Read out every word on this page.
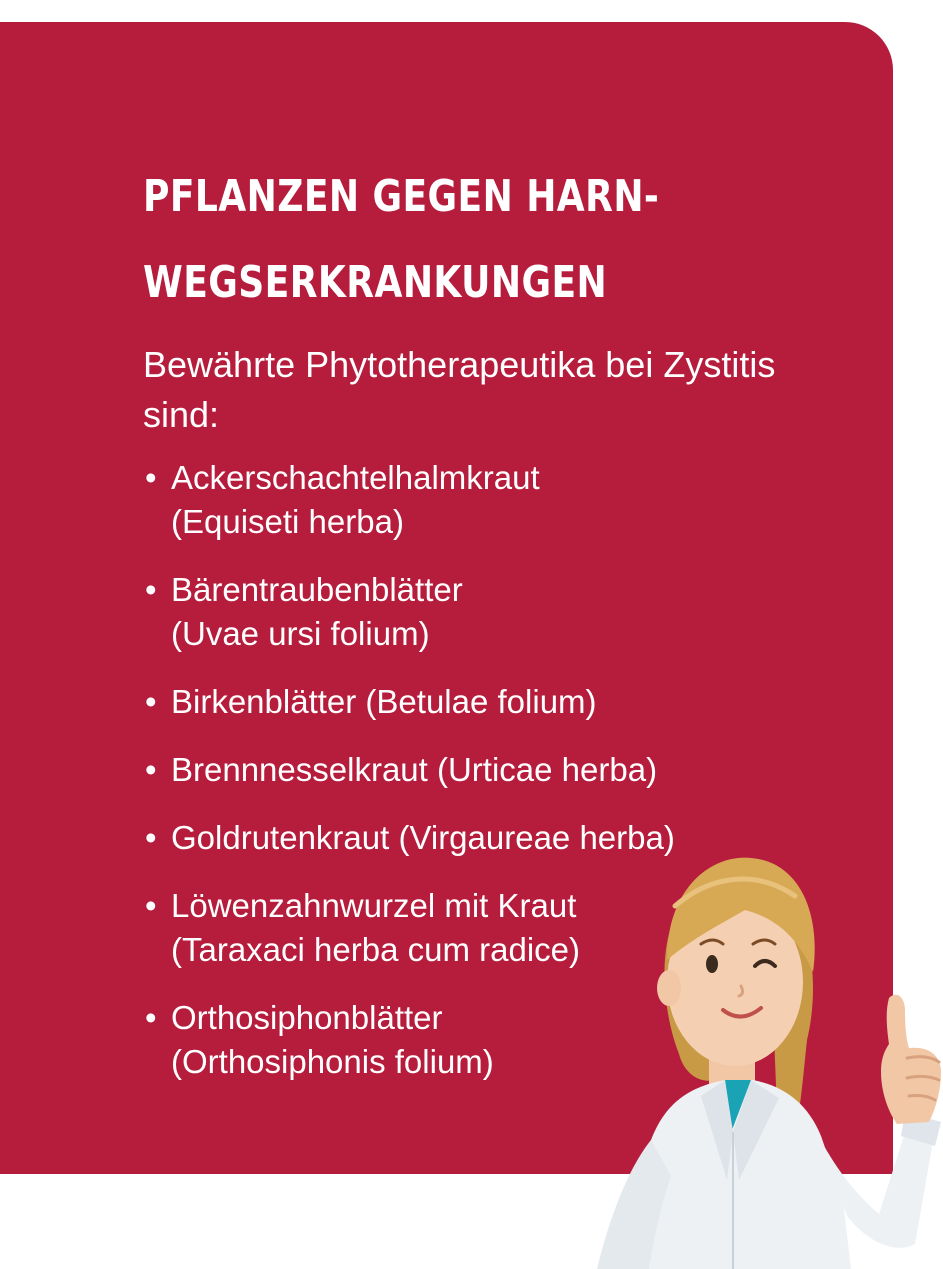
PFLANZEN GEGEN HARN-
WEGSERKRANKUNGEN

Bewährte Phytotherapeutika bei Zystitis sind:

• Ackerschachtelhalmkraut
(Equiseti herba)
• Bärentraubenblätter
(Uvae ursi folium)
• Birkenblätter (Betulae folium)
• Brennnesselkraut (Urticae herba)
• Goldrutenkraut (Virgaureae herba)
• Löwenzahnwurzel mit Kraut
(Taraxaci herba cum radice)
• Orthosiphonblätter
(Orthosiphonis folium)
